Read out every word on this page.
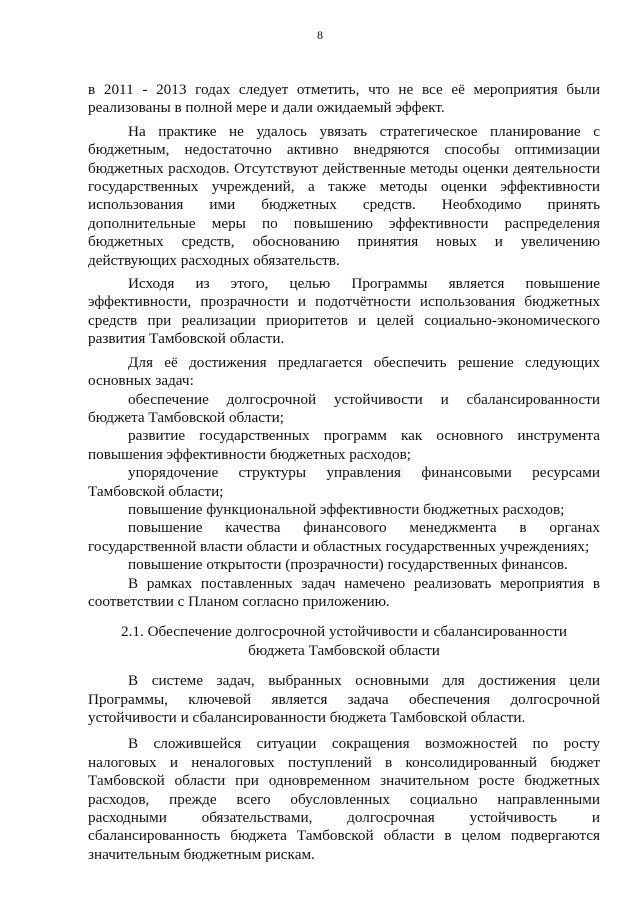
8

в 2011 - 2013 годах следует отметить, что не все её мероприятия были реализованы в полной мере и дали ожидаемый эффект.

На практике не удалось увязать стратегическое планирование с бюджетным, недостаточно активно внедряются способы оптимизации бюджетных расходов. Отсутствуют действенные методы оценки деятельности государственных учреждений, а также методы оценки эффективности использования ими бюджетных средств. Необходимо принять дополнительные меры по повышению эффективности распределения бюджетных средств, обоснованию принятия новых и увеличению действующих расходных обязательств.

Исходя из этого, целью Программы является повышение эффективности, прозрачности и подотчётности использования бюджетных средств при реализации приоритетов и целей социально-экономического развития Тамбовской области.

Для её достижения предлагается обеспечить решение следующих основных задач:

обеспечение долгосрочной устойчивости и сбалансированности бюджета Тамбовской области;

развитие государственных программ как основного инструмента повышения эффективности бюджетных расходов;

упорядочение структуры управления финансовыми ресурсами Тамбовской области;

повышение функциональной эффективности бюджетных расходов;

повышение качества финансового менеджмента в органах государственной власти области и областных государственных учреждениях;

повышение открытости (прозрачности) государственных финансов.

В рамках поставленных задач намечено реализовать мероприятия в соответствии с Планом согласно приложению.

2.1. Обеспечение долгосрочной устойчивости и сбалансированности
бюджета Тамбовской области

В системе задач, выбранных основными для достижения цели Программы, ключевой является задача обеспечения долгосрочной устойчивости и сбалансированности бюджета Тамбовской области.

В сложившейся ситуации сокращения возможностей по росту налоговых и неналоговых поступлений в консолидированный бюджет Тамбовской области при одновременном значительном росте бюджетных расходов, прежде всего обусловленных социально направленными расходными обязательствами, долгосрочная устойчивость и сбалансированность бюджета Тамбовской области в целом подвергаются значительным бюджетным рискам.
